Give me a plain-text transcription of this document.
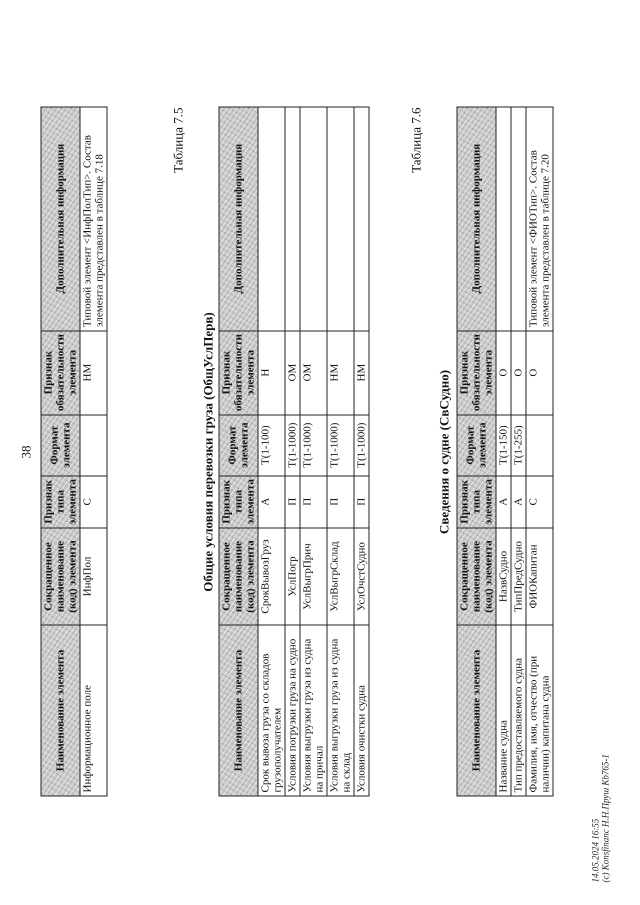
38
Наименование элемента	Сокращенное наименование (код) элемента	Признак типа элемента	Формат элемента	Признак обязательности элемента	Дополнительная информация
Информационное поле	ИнфПол	С		НМ	Типовой элемент <ИнфПолТип>. Состав элемента представлен в таблице 7.18
Таблица 7.5
Общие условия перевозки груза (ОбщУслПерв)
Наименование элемента	Сокращенное наименование (код) элемента	Признак типа элемента	Формат элемента	Признак обязательности элемента	Дополнительная информация
Срок вывоза груза со складов грузополучателем	СрокВывозГруз	А	T(1-100)	Н	
Условия погрузки груза на судно	УслПогр	П	T(1-1000)	ОМ	
Условия выгрузки груза из судна на причал	УслВыгрПрич	П	T(1-1000)	ОМ	
Условия выгрузки груза из судна на склад	УслВыгрСклад	П	T(1-1000)	НМ	
Условия очистки судна	УслОчстСудно	П	T(1-1000)	НМ	
Таблица 7.6
Сведения о судне (СвСудно)
Наименование элемента	Сокращенное наименование (код) элемента	Признак типа элемента	Формат элемента	Признак обязательности элемента	Дополнительная информация
Название судна	НазвСудно	А	T(1-150)	О	
Тип предоставляемого судна	ТипПредСудно	А	T(1-255)	О	
Фамилия, имя, отчество (при наличии) капитана судна	ФИОКапитан	С		О	Типовой элемент <ФИОТип>. Состав элемента представлен в таблице 7.20
14.05.2024 16:55 (c) Konsfinanc Н.Н.Пруш Kb765-1
